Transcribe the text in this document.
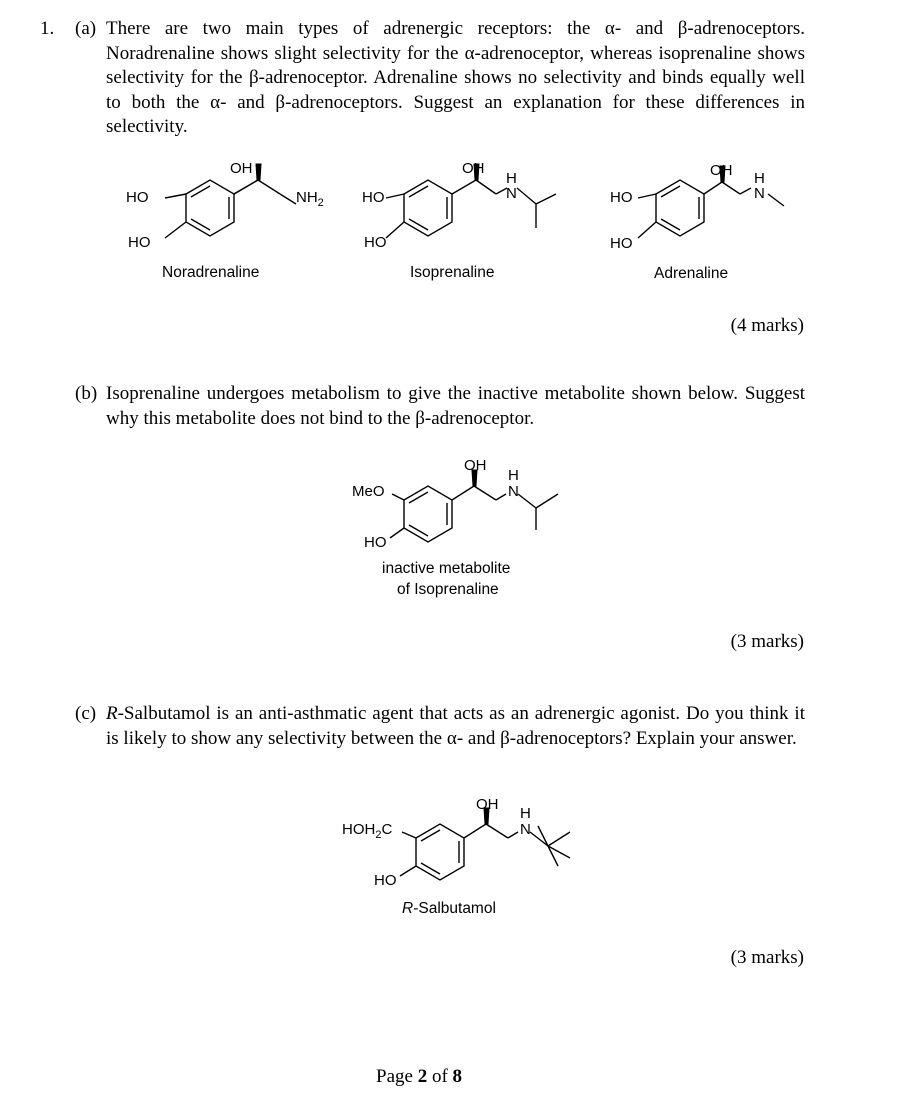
1. (a) There are two main types of adrenergic receptors: the α- and β-adrenoceptors. Noradrenaline shows slight selectivity for the α-adrenoceptor, whereas isoprenaline shows selectivity for the β-adrenoceptor. Adrenaline shows no selectivity and binds equally well to both the α- and β-adrenoceptors. Suggest an explanation for these differences in selectivity.
OH
HO
HO
$NH_2$
Noradrenaline
OH
H
N
HO
HO
Isoprenaline
OH H
N
HO
HO
Adrenaline
(4 marks)
(b) Isoprenaline undergoes metabolism to give the inactive metabolite shown below. Suggest why this metabolite does not bind to the β-adrenoceptor.
OH
H
N
MeO
HO
inactive metabolite
of Isoprenaline
(3 marks)
(c) R-Salbutamol is an anti-asthmatic agent that acts as an adrenergic agonist. Do you think it is likely to show any selectivity between the α- and β-adrenoceptors? Explain your answer.
OH
H
N
$HOH_2C$
HO
R-Salbutamol
(3 marks)
Page 2 of 8
